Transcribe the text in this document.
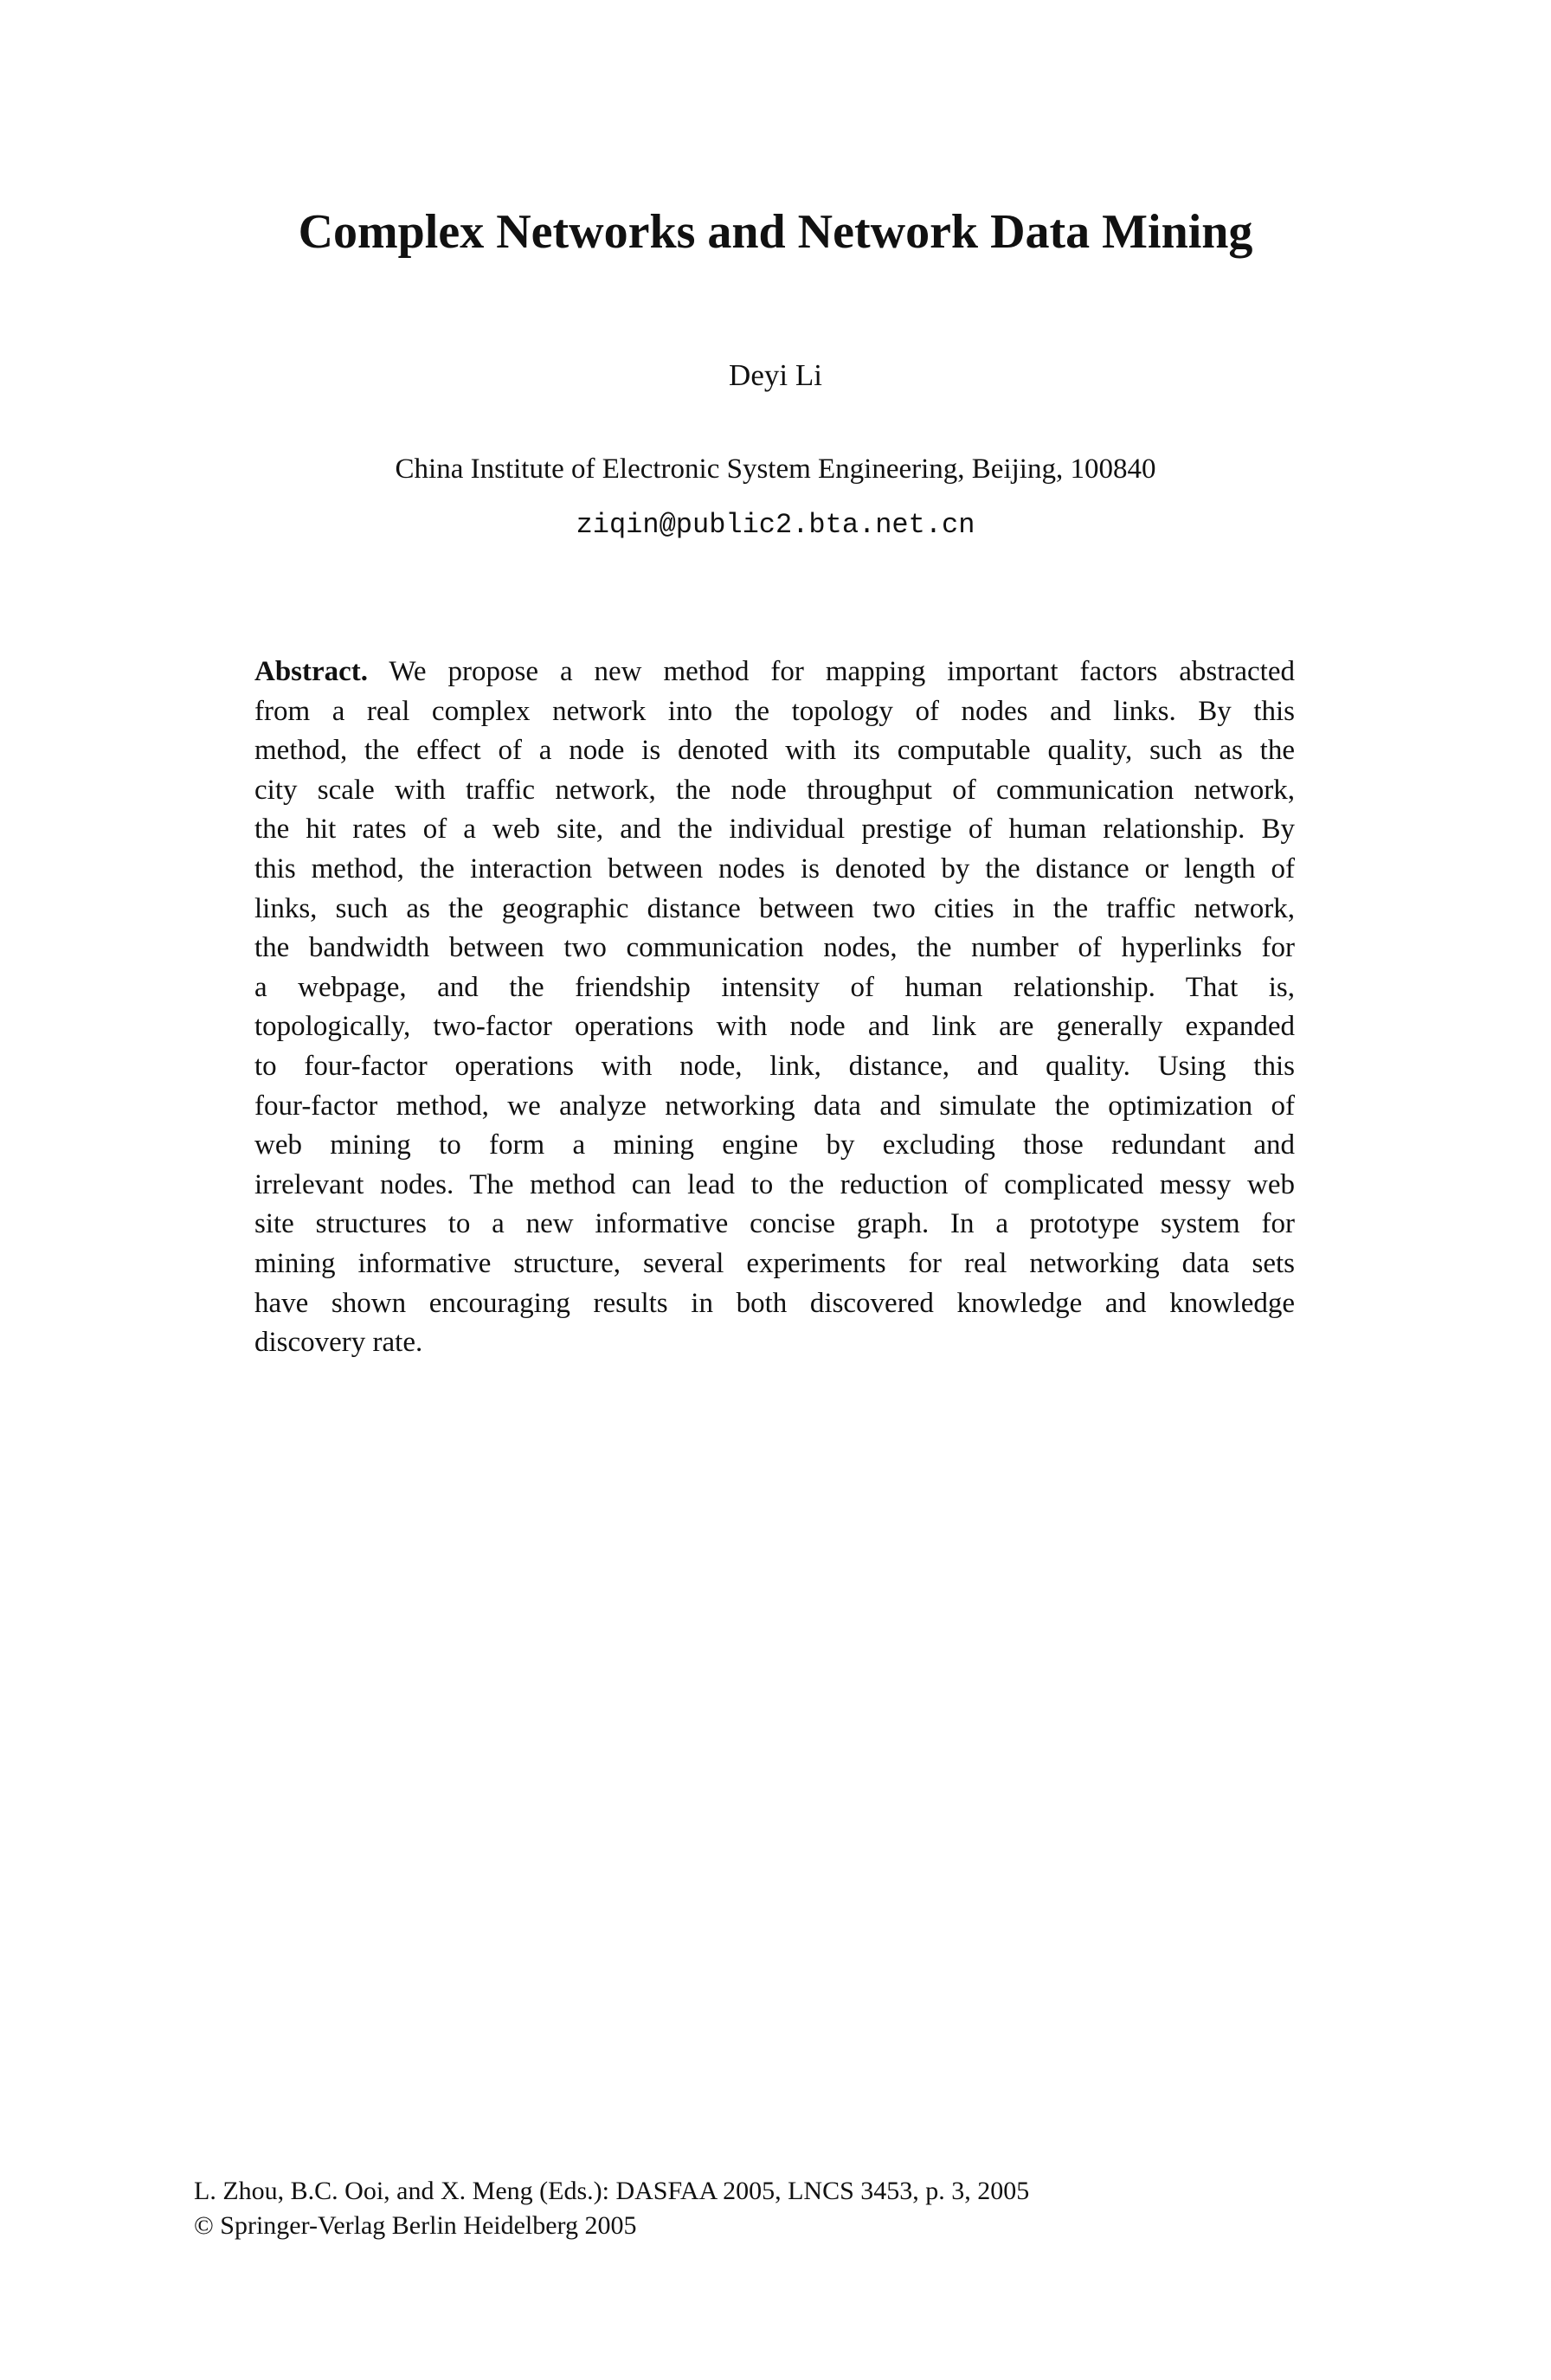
Complex Networks and Network Data Mining
Deyi Li
China Institute of Electronic System Engineering, Beijing, 100840
ziqin@public2.bta.net.cn
Abstract. We propose a new method for mapping important factors abstracted
from a real complex network into the topology of nodes and links. By this
method, the effect of a node is denoted with its computable quality, such as the
city scale with traffic network, the node throughput of communication network,
the hit rates of a web site, and the individual prestige of human relationship. By
this method, the interaction between nodes is denoted by the distance or length of
links, such as the geographic distance between two cities in the traffic network,
the bandwidth between two communication nodes, the number of hyperlinks for
a webpage, and the friendship intensity of human relationship. That is,
topologically, two-factor operations with node and link are generally expanded
to four-factor operations with node, link, distance, and quality. Using this
four-factor method, we analyze networking data and simulate the optimization of
web mining to form a mining engine by excluding those redundant and
irrelevant nodes. The method can lead to the reduction of complicated messy web
site structures to a new informative concise graph. In a prototype system for
mining informative structure, several experiments for real networking data sets
have shown encouraging results in both discovered knowledge and knowledge
discovery rate.
L. Zhou, B.C. Ooi, and X. Meng (Eds.): DASFAA 2005, LNCS 3453, p. 3, 2005
© Springer-Verlag Berlin Heidelberg 2005
